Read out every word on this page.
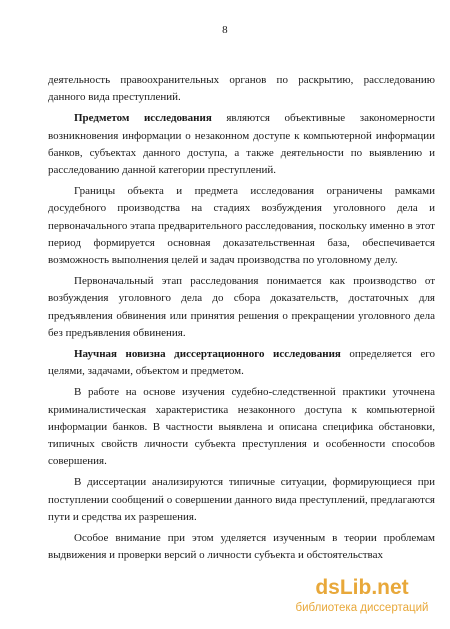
8

деятельность правоохранительных органов по раскрытию, расследованию данного вида преступлений.

Предметом исследования являются объективные закономерности возникновения информации о незаконном доступе к компьютерной информации банков, субъектах данного доступа, а также деятельности по выявлению и расследованию данной категории преступлений.

Границы объекта и предмета исследования ограничены рамками досудебного производства на стадиях возбуждения уголовного дела и первоначального этапа предварительного расследования, поскольку именно в этот период формируется основная доказательственная база, обеспечивается возможность выполнения целей и задач производства по уголовному делу.

Первоначальный этап расследования понимается как производство от возбуждения уголовного дела до сбора доказательств, достаточных для предъявления обвинения или принятия решения о прекращении уголовного дела без предъявления обвинения.

Научная новизна диссертационного исследования определяется его целями, задачами, объектом и предметом.

В работе на основе изучения судебно-следственной практики уточнена криминалистическая характеристика незаконного доступа к компьютерной информации банков. В частности выявлена и описана специфика обстановки, типичных свойств личности субъекта преступления и особенности способов совершения.

В диссертации анализируются типичные ситуации, формирующиеся при поступлении сообщений о совершении данного вида преступлений, предлагаются пути и средства их разрешения.

Особое внимание при этом уделяется изученным в теории проблемам выдвижения и проверки версий о личности субъекта и обстоятельствах

dsLib.net
библиотека диссертаций
